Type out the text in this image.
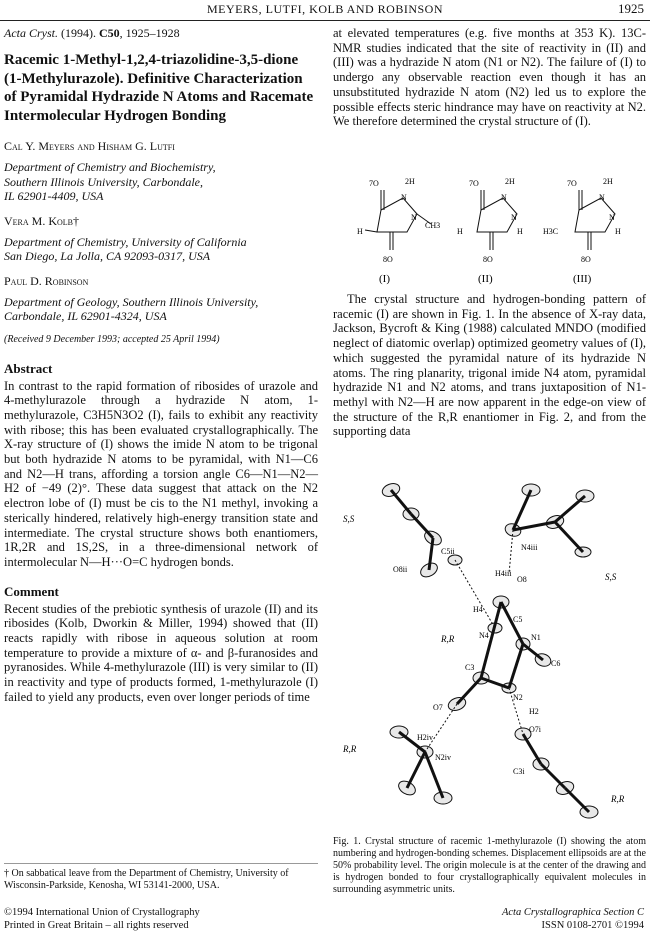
MEYERS, LUTFI, KOLB AND ROBINSON	1925

Acta Cryst. (1994). C50, 1925–1928

Racemic 1-Methyl-1,2,4-triazolidine-3,5-dione (1-Methylurazole). Definitive Characterization of Pyramidal Hydrazide N Atoms and Racemate Intermolecular Hydrogen Bonding

Cal Y. Meyers and Hisham G. Lutfi

Department of Chemistry and Biochemistry,
Southern Illinois University, Carbondale,
IL 62901-4409, USA

Vera M. Kolb†

Department of Chemistry, University of California
San Diego, La Jolla, CA 92093-0317, USA

Paul D. Robinson

Department of Geology, Southern Illinois University,
Carbondale, IL 62901-4324, USA

(Received 9 December 1993; accepted 25 April 1994)

Abstract

In contrast to the rapid formation of ribosides of urazole and 4-methylurazole through a hydrazide N atom, 1-methylurazole, C3H5N3O2 (I), fails to exhibit any reactivity with ribose; this has been evaluated crystallographically. The X-ray structure of (I) shows the imide N atom to be trigonal but both hydrazide N atoms to be pyramidal, with N1—C6 and N2—H trans, affording a torsion angle C6—N1—N2—H2 of −49 (2)°. These data suggest that attack on the N2 electron lobe of (I) must be cis to the N1 methyl, invoking a sterically hindered, relatively high-energy transition state and intermediate. The crystal structure shows both enantiomers, 1R,2R and 1S,2S, in a three-dimensional network of intermolecular N—H···O=C hydrogen bonds.

Comment

Recent studies of the prebiotic synthesis of urazole (II) and its ribosides (Kolb, Dworkin & Miller, 1994) showed that (II) reacts rapidly with ribose in aqueous solution at room temperature to provide a mixture of α- and β-furanosides and pyranosides. While 4-methylurazole (III) is very similar to (II) in reactivity and type of products formed, 1-methylurazole (I) failed to yield any products, even over longer periods of time

† On sabbatical leave from the Department of Chemistry, University of Wisconsin-Parkside, Kenosha, WI 53141-2000, USA.

at elevated temperatures (e.g. five months at 353 K). 13C-NMR studies indicated that the site of reactivity in (II) and (III) was a hydrazide N atom (N1 or N2). The failure of (I) to undergo any observable reaction even though it has an unsubstituted hydrazide N atom (N2) led us to explore the possible effects steric hindrance may have on reactivity at N2. We therefore determined the crystal structure of (I).

7O	2H
N
N
CH3
8O
H
7O	2H
N
N
H
8O
H
7O	2H
N
N
H
8O
H3C
(I)	(II)	(III)

The crystal structure and hydrogen-bonding pattern of racemic (I) are shown in Fig. 1. In the absence of X-ray data, Jackson, Bycroft & King (1988) calculated MNDO (modified neglect of diatomic overlap) optimized geometry values of (I), which suggested the pyramidal nature of its hydrazide N atoms. The ring planarity, trigonal imide N4 atom, pyramidal hydrazide N1 and N2 atoms, and trans juxtaposition of N1-methyl with N2—H are now apparent in the edge-on view of the structure of the R,R enantiomer in Fig. 2, and from the supporting data

S,S
S,S
R,R
R,R
R,R
C5ii	N4iii
O8ii	H4iii
O8
H4
C5
N4	N1
C6
C3
O7
N2
H2
H2iv
N2iv
O7i
C3i

Fig. 1. Crystal structure of racemic 1-methylurazole (I) showing the atom numbering and hydrogen-bonding schemes. Displacement ellipsoids are at the 50% probability level. The origin molecule is at the center of the drawing and is hydrogen bonded to four crystallographically equivalent molecules in surrounding asymmetric units.

©1994 International Union of Crystallography
Printed in Great Britain – all rights reserved
Acta Crystallographica Section C
ISSN 0108-2701 ©1994
